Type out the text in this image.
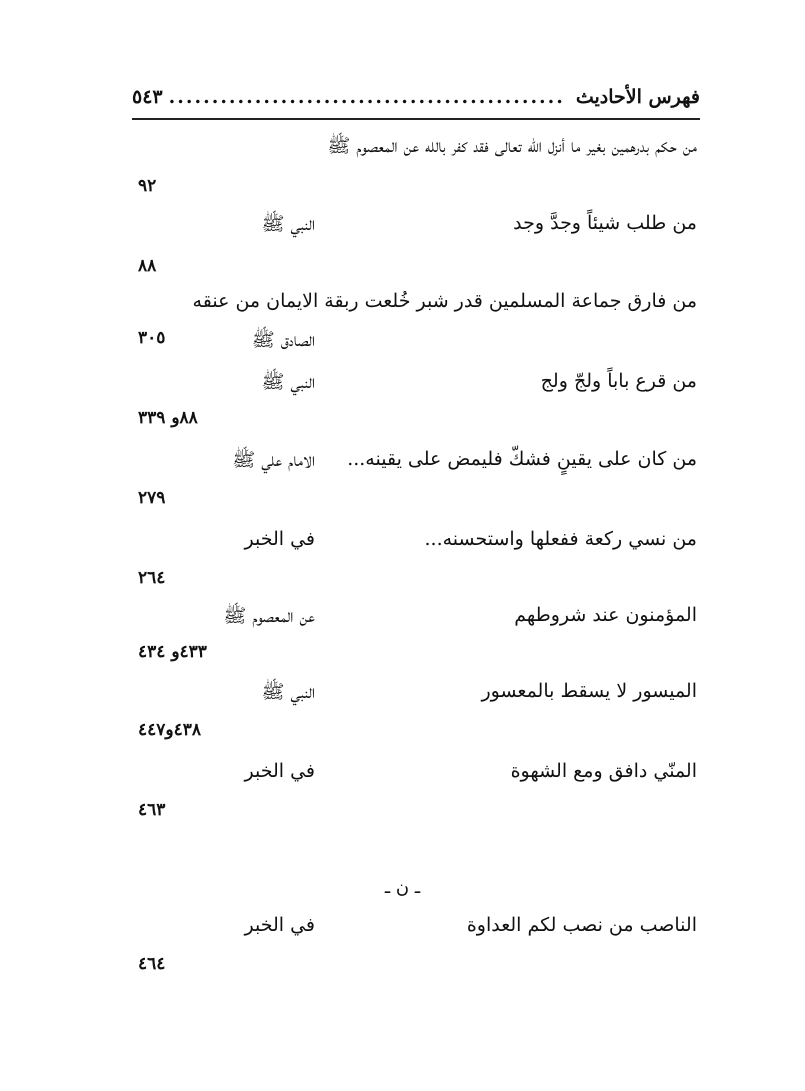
٥٤٣ .............................................. فهرس الأحاديث
من حكم بدرهمين بغير ما أنزل اللّٰه تعالى فقد كفر بالله عن المعصوم ﷺ
٩٢
من طلب شيئاً وجدَّ وجد
النبي ﷺ
٨٨
من فارق جماعة المسلمين قدر شبر خُلعت ربقة الايمان من عنقه
الصادق ﷺ
٣٠٥
من قرع باباً ولجّ ولج
النبي ﷺ
٨٨و ٣٣٩
من كان على يقينٍ فشكّ فليمض على يقينه...
الامام علي ﷺ
٢٧٩
من نسي ركعة ففعلها واستحسنه...
في الخبر
٢٦٤
المؤمنون عند شروطهم
عن المعصوم ﷺ
٤٣٣و ٤٣٤
الميسور لا يسقط بالمعسور
النبي ﷺ
٤٣٨و٤٤٧
المنّي دافق ومع الشهوة
في الخبر
٤٦٣
ـ ن ـ
الناصب من نصب لكم العداوة
في الخبر
٤٦٤
